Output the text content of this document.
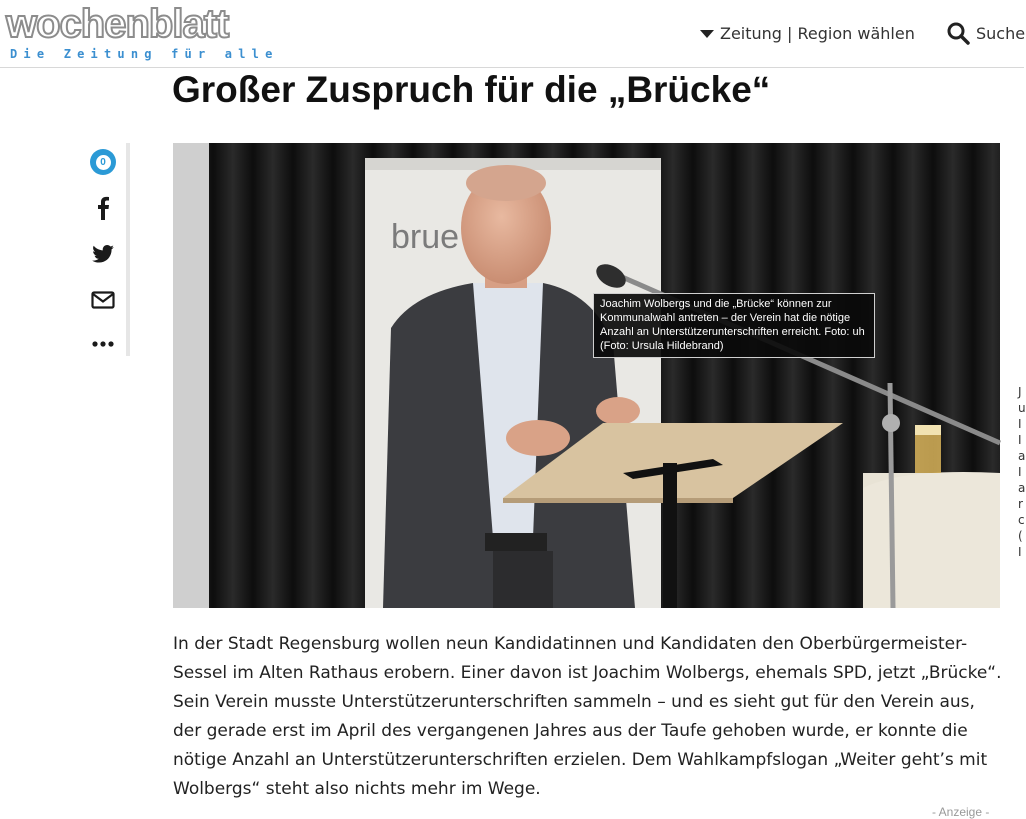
wochenblatt
Die Zeitung für alle
Zeitung | Region wählen	Suche
Großer Zuspruch für die „Brücke“
0
brue
Joachim Wolbergs und die „Brücke“ können zur Kommunalwahl antreten – der Verein hat die nötige Anzahl an Unterstützerunterschriften erreicht. Foto: uh (Foto: Ursula Hildebrand)
J u I I a I a r c ( I

In der Stadt Regensburg wollen neun Kandidatinnen und Kandidaten den Oberbürgermeister-Sessel im Alten Rathaus erobern. Einer davon ist Joachim Wolbergs, ehemals SPD, jetzt „Brücke“. Sein Verein musste Unterstützerunterschriften sammeln – und es sieht gut für den Verein aus, der gerade erst im April des vergangenen Jahres aus der Taufe gehoben wurde, er konnte die nötige Anzahl an Unterstützerunterschriften erzielen. Dem Wahlkampfslogan „Weiter geht’s mit Wolbergs“ steht also nichts mehr im Wege.

- Anzeige -
